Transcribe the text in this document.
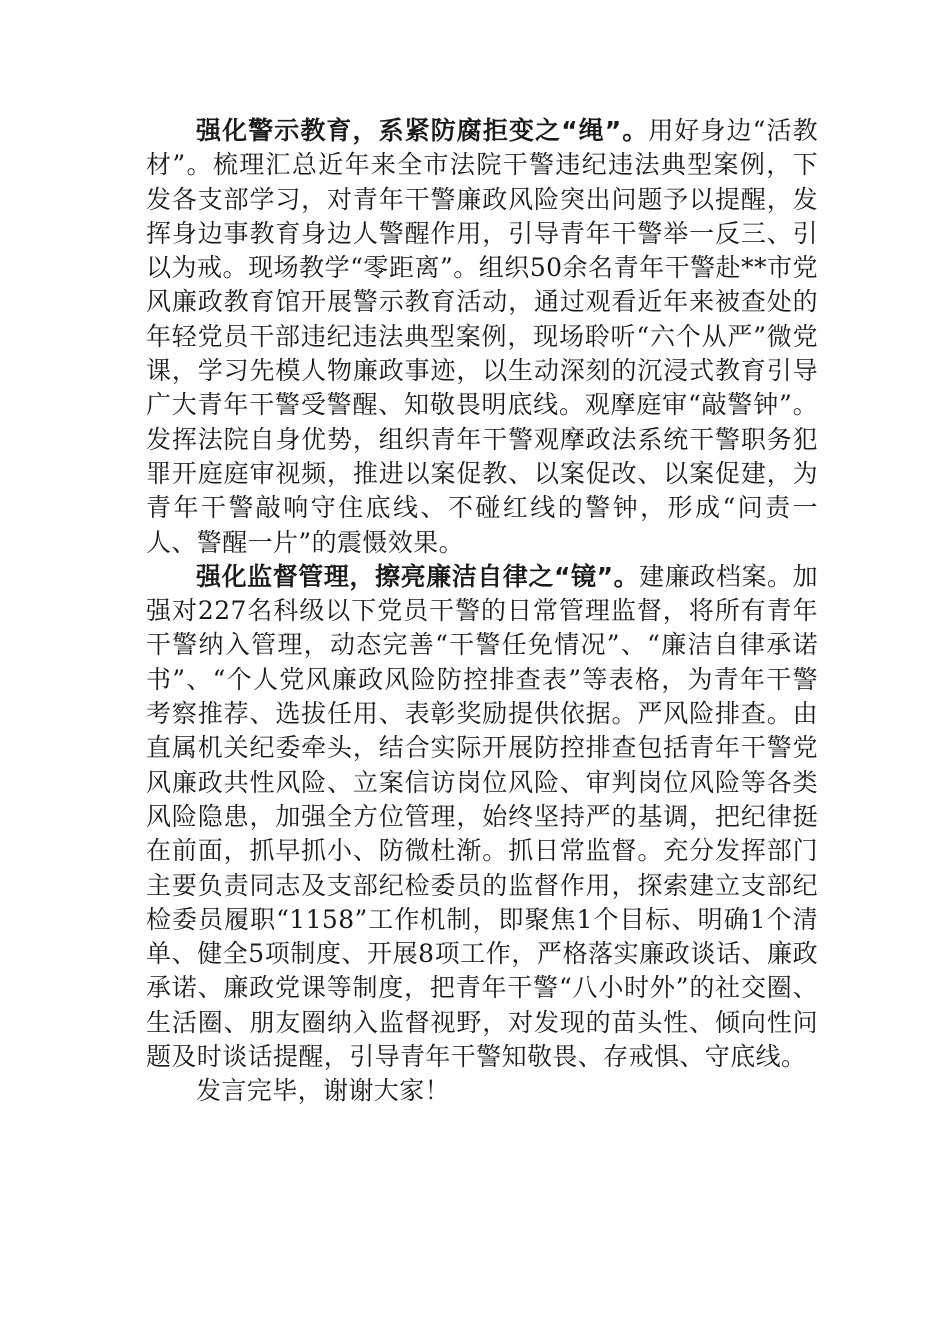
强化警示教育，系紧防腐拒变之“绳”。用好身边“活教材”。梳理汇总近年来全市法院干警违纪违法典型案例，下发各支部学习，对青年干警廉政风险突出问题予以提醒，发挥身边事教育身边人警醒作用，引导青年干警举一反三、引以为戒。现场教学“零距离”。组织50余名青年干警赴**市党风廉政教育馆开展警示教育活动，通过观看近年来被查处的年轻党员干部违纪违法典型案例，现场聆听“六个从严”微党课，学习先模人物廉政事迹，以生动深刻的沉浸式教育引导广大青年干警受警醒、知敬畏明底线。观摩庭审“敲警钟”。发挥法院自身优势，组织青年干警观摩政法系统干警职务犯罪开庭庭审视频，推进以案促教、以案促改、以案促建，为青年干警敲响守住底线、不碰红线的警钟，形成“问责一人、警醒一片”的震慑效果。

强化监督管理，擦亮廉洁自律之“镜”。建廉政档案。加强对227名科级以下党员干警的日常管理监督，将所有青年干警纳入管理，动态完善“干警任免情况”、“廉洁自律承诺书”、“个人党风廉政风险防控排查表”等表格，为青年干警考察推荐、选拔任用、表彰奖励提供依据。严风险排查。由直属机关纪委牵头，结合实际开展防控排查包括青年干警党风廉政共性风险、立案信访岗位风险、审判岗位风险等各类风险隐患，加强全方位管理，始终坚持严的基调，把纪律挺在前面，抓早抓小、防微杜渐。抓日常监督。充分发挥部门主要负责同志及支部纪检委员的监督作用，探索建立支部纪检委员履职“1158”工作机制，即聚焦1个目标、明确1个清单、健全5项制度、开展8项工作，严格落实廉政谈话、廉政承诺、廉政党课等制度，把青年干警“八小时外”的社交圈、生活圈、朋友圈纳入监督视野，对发现的苗头性、倾向性问题及时谈话提醒，引导青年干警知敬畏、存戒惧、守底线。

发言完毕，谢谢大家！
